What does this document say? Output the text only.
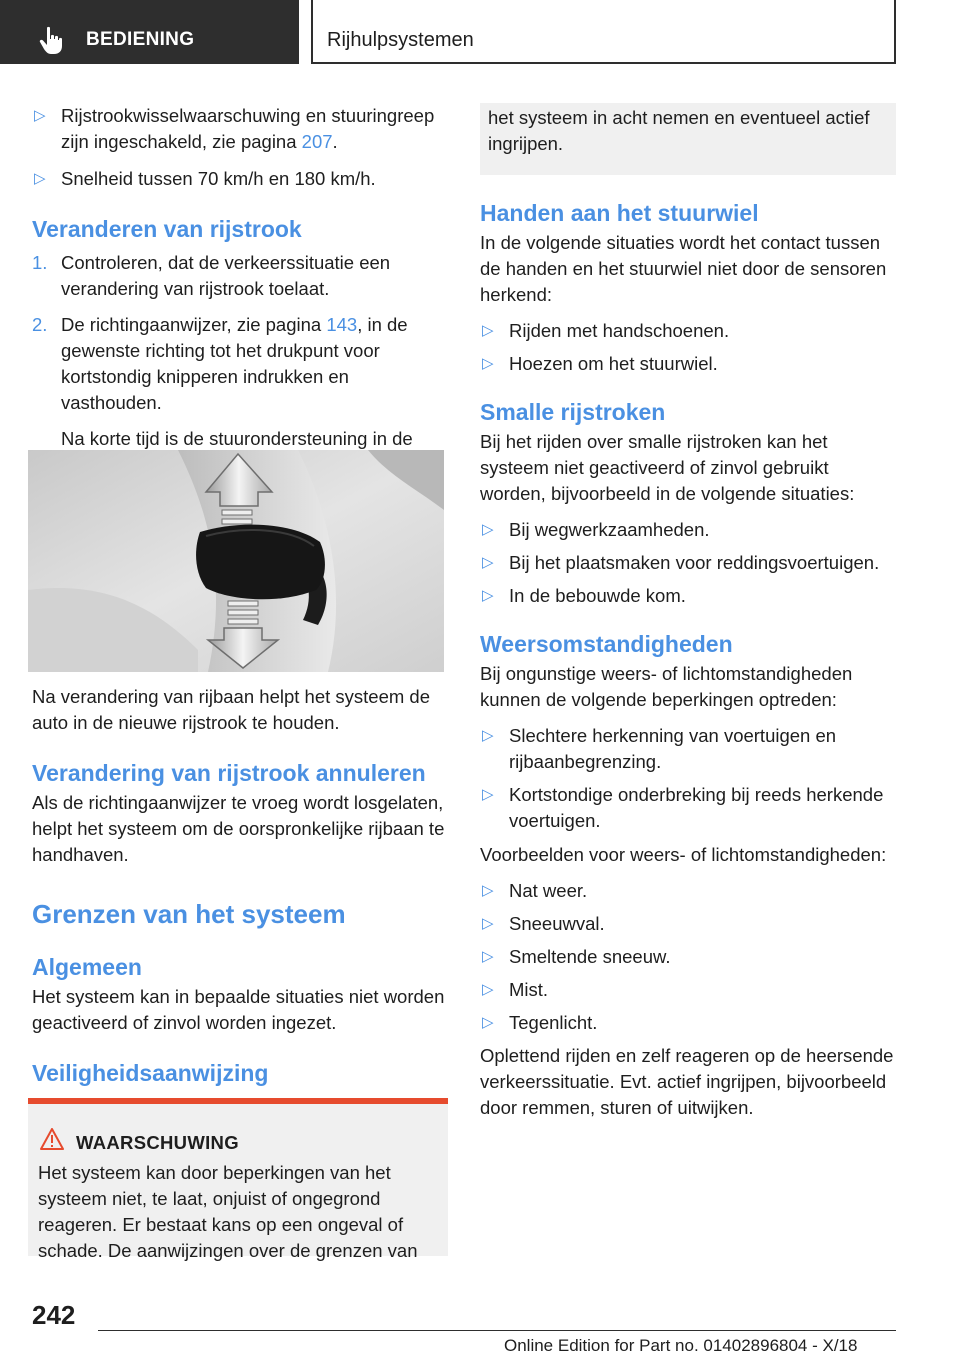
BEDIENING	Rijhulpsystemen
▷ Rijstrookwisselwaarschuwing en stuuringreep zijn ingeschakeld, zie pagina 207.
▷ Snelheid tussen 70 km/h en 180 km/h.
Veranderen van rijstrook
1. Controleren, dat de verkeerssituatie een verandering van rijstrook toelaat.
2. De richtingaanwijzer, zie pagina 143, in de gewenste richting tot het drukpunt voor kortstondig knipperen indrukken en vasthouden.
Na korte tijd is de stuurondersteuning in de
Na verandering van rijbaan helpt het systeem de auto in de nieuwe rijstrook te houden.
Verandering van rijstrook annuleren
Als de richtingaanwijzer te vroeg wordt losgelaten, helpt het systeem om de oorspronkelijke rijbaan te handhaven.
Grenzen van het systeem
Algemeen
Het systeem kan in bepaalde situaties niet worden geactiveerd of zinvol worden ingezet.
Veiligheidsaanwijzing
WAARSCHUWING
Het systeem kan door beperkingen van het systeem niet, te laat, onjuist of ongegrond reageren. Er bestaat kans op een ongeval of schade. De aanwijzingen over de grenzen van
het systeem in acht nemen en eventueel actief ingrijpen.
Handen aan het stuurwiel
In de volgende situaties wordt het contact tussen de handen en het stuurwiel niet door de sensoren herkend:
▷ Rijden met handschoenen.
▷ Hoezen om het stuurwiel.
Smalle rijstroken
Bij het rijden over smalle rijstroken kan het systeem niet geactiveerd of zinvol gebruikt worden, bijvoorbeeld in de volgende situaties:
▷ Bij wegwerkzaamheden.
▷ Bij het plaatsmaken voor reddingsvoertuigen.
▷ In de bebouwde kom.
Weersomstandigheden
Bij ongunstige weers- of lichtomstandigheden kunnen de volgende beperkingen optreden:
▷ Slechtere herkenning van voertuigen en rijbaanbegrenzing.
▷ Kortstondige onderbreking bij reeds herkende voertuigen.
Voorbeelden voor weers- of lichtomstandigheden:
▷ Nat weer.
▷ Sneeuwval.
▷ Smeltende sneeuw.
▷ Mist.
▷ Tegenlicht.
Oplettend rijden en zelf reageren op de heersende verkeerssituatie. Evt. actief ingrijpen, bijvoorbeeld door remmen, sturen of uitwijken.
242
Online Edition for Part no. 01402896804 - X/18
